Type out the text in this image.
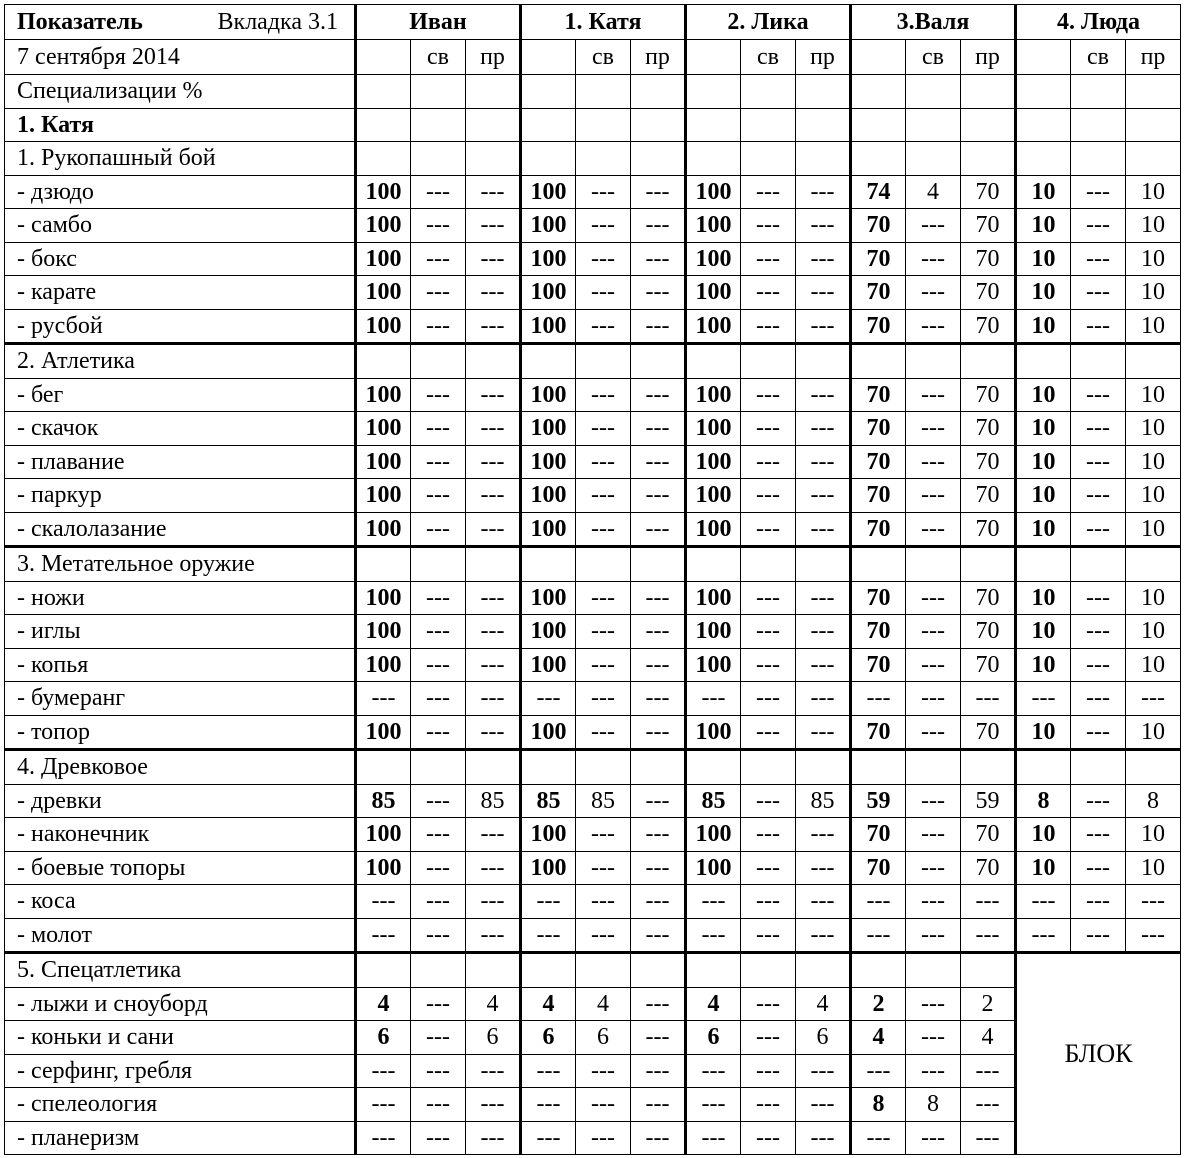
Показатель Вкладка 3.1	Иван			1. Катя			2. Лика			3.Валя			4. Люда		
7 сентября 2014		св	пр		св	пр		св	пр		св	пр		св	пр
Специализации %															
1. Катя															
1. Рукопашный бой															
- дзюдо	100	---	---	100	---	---	100	---	---	74	4	70	10	---	10
- самбо	100	---	---	100	---	---	100	---	---	70	---	70	10	---	10
- бокс	100	---	---	100	---	---	100	---	---	70	---	70	10	---	10
- карате	100	---	---	100	---	---	100	---	---	70	---	70	10	---	10
- русбой	100	---	---	100	---	---	100	---	---	70	---	70	10	---	10
2. Атлетика															
- бег	100	---	---	100	---	---	100	---	---	70	---	70	10	---	10
- скачок	100	---	---	100	---	---	100	---	---	70	---	70	10	---	10
- плавание	100	---	---	100	---	---	100	---	---	70	---	70	10	---	10
- паркур	100	---	---	100	---	---	100	---	---	70	---	70	10	---	10
- скалолазание	100	---	---	100	---	---	100	---	---	70	---	70	10	---	10
3. Метательное оружие															
- ножи	100	---	---	100	---	---	100	---	---	70	---	70	10	---	10
- иглы	100	---	---	100	---	---	100	---	---	70	---	70	10	---	10
- копья	100	---	---	100	---	---	100	---	---	70	---	70	10	---	10
- бумеранг	---	---	---	---	---	---	---	---	---	---	---	---	---	---	---
- топор	100	---	---	100	---	---	100	---	---	70	---	70	10	---	10
4. Древковое															
- древки	85	---	85	85	85	---	85	---	85	59	---	59	8	---	8
- наконечник	100	---	---	100	---	---	100	---	---	70	---	70	10	---	10
- боевые топоры	100	---	---	100	---	---	100	---	---	70	---	70	10	---	10
- коса	---	---	---	---	---	---	---	---	---	---	---	---	---	---	---
- молот	---	---	---	---	---	---	---	---	---	---	---	---	---	---	---
5. Спецатлетика													БЛОК		
- лыжи и сноуборд	4	---	4	4	4	---	4	---	4	2	---	2			
- коньки и сани	6	---	6	6	6	---	6	---	6	4	---	4			
- серфинг, гребля	---	---	---	---	---	---	---	---	---	---	---	---			
- спелеология	---	---	---	---	---	---	---	---	---	8	8	---			
- планеризм	---	---	---	---	---	---	---	---	---	---	---	---			
